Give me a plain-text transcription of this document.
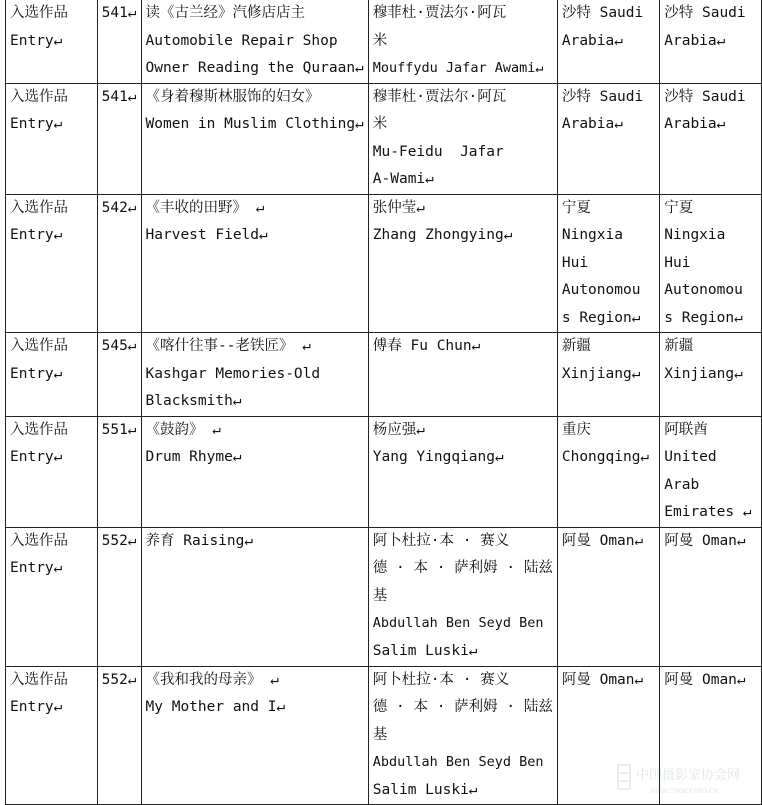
入选作品
Entry↵	541↵	读《古兰经》汽修店店主
Automobile Repair Shop
Owner Reading the Quraan↵	穆菲杜·贾法尔·阿瓦
米
Mouffydu Jafar Awami↵	沙特 Saudi
Arabia↵	沙特 Saudi
Arabia↵

入选作品
Entry↵	541↵	《身着穆斯林服饰的妇女》
Women in Muslim Clothing↵	穆菲杜·贾法尔·阿瓦
米
Mu-Feidu  Jafar
A-Wami↵	沙特 Saudi
Arabia↵	沙特 Saudi
Arabia↵

入选作品
Entry↵	542↵	《丰收的田野》 ↵
Harvest Field↵	张仲莹↵
Zhang Zhongying↵	宁夏
Ningxia
Hui
Autonomou
s Region↵	宁夏
Ningxia
Hui
Autonomou
s Region↵

入选作品
Entry↵	545↵	《喀什往事--老铁匠》 ↵
Kashgar Memories-Old
Blacksmith↵	傅春 Fu Chun↵	新疆
Xinjiang↵	新疆
Xinjiang↵

入选作品
Entry↵	551↵	《鼓韵》 ↵
Drum Rhyme↵	杨应强↵
Yang Yingqiang↵	重庆
Chongqing↵	阿联酋
United
Arab
Emirates ↵

入选作品
Entry↵	552↵	养育 Raising↵	阿卜杜拉·本 · 赛义
德 · 本 · 萨利姆 · 陆兹
基
Abdullah Ben Seyd Ben
Salim Luski↵	阿曼 Oman↵	阿曼 Oman↵

入选作品
Entry↵	552↵	《我和我的母亲》 ↵
My Mother and I↵	阿卜杜拉·本 · 赛义
德 · 本 · 萨利姆 · 陆兹
基
Abdullah Ben Seyd Ben
Salim Luski↵	阿曼 Oman↵	阿曼 Oman↵
中国摄影家协会网
WWW.CPANET.ORG.CN
